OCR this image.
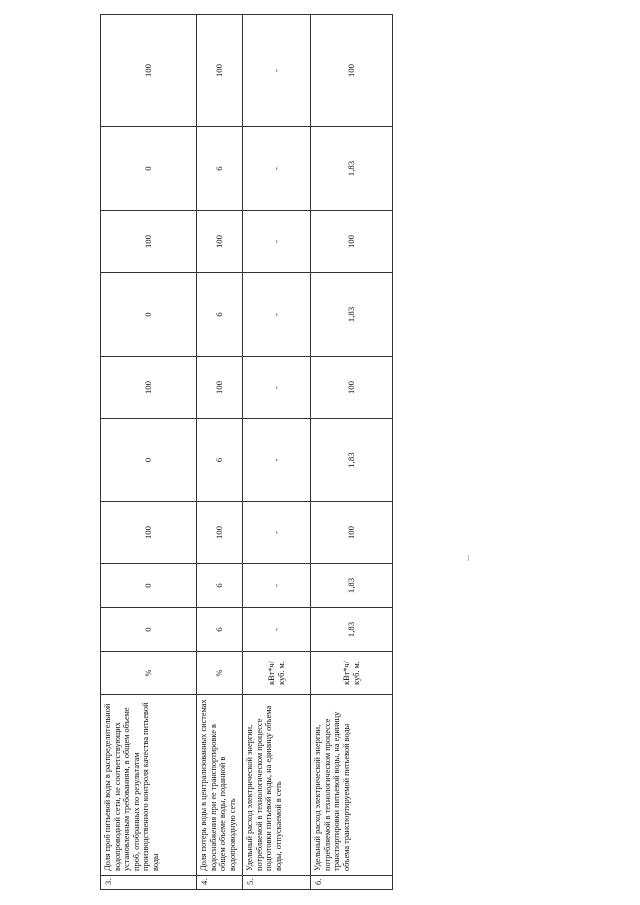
3.	Доля проб питьевой воды в распределительной водопроводной сети, не соответствующих установленным требованиям, в общем объеме проб, отобранных по результатам производственного контроля качества питьевой воды	%	0	0	100	0	100	0	100	0	100
4.	Доля потерь воды в централизованных системах водоснабжения при ее транспортировке в общем объеме воды, поданной в водопроводную сеть	%	6	6	100	6	100	6	100	6	100
5.	Удельный расход электрической энергии, потребляемой в технологическом процессе подготовки питьевой воды, на единицу объема воды, отпускаемой в сеть	кВт*ч/ куб. м.	-	-	-	-	-	-	-	-	-
6.	Удельный расход электрической энергии, потребляемой в технологическом процессе транспортировки питьевой воды, на единицу объема транспортируемой питьевой воды	кВт*ч/ куб. м.	1,83	1,83	100	1,83	100	1,83	100	1,83	100
